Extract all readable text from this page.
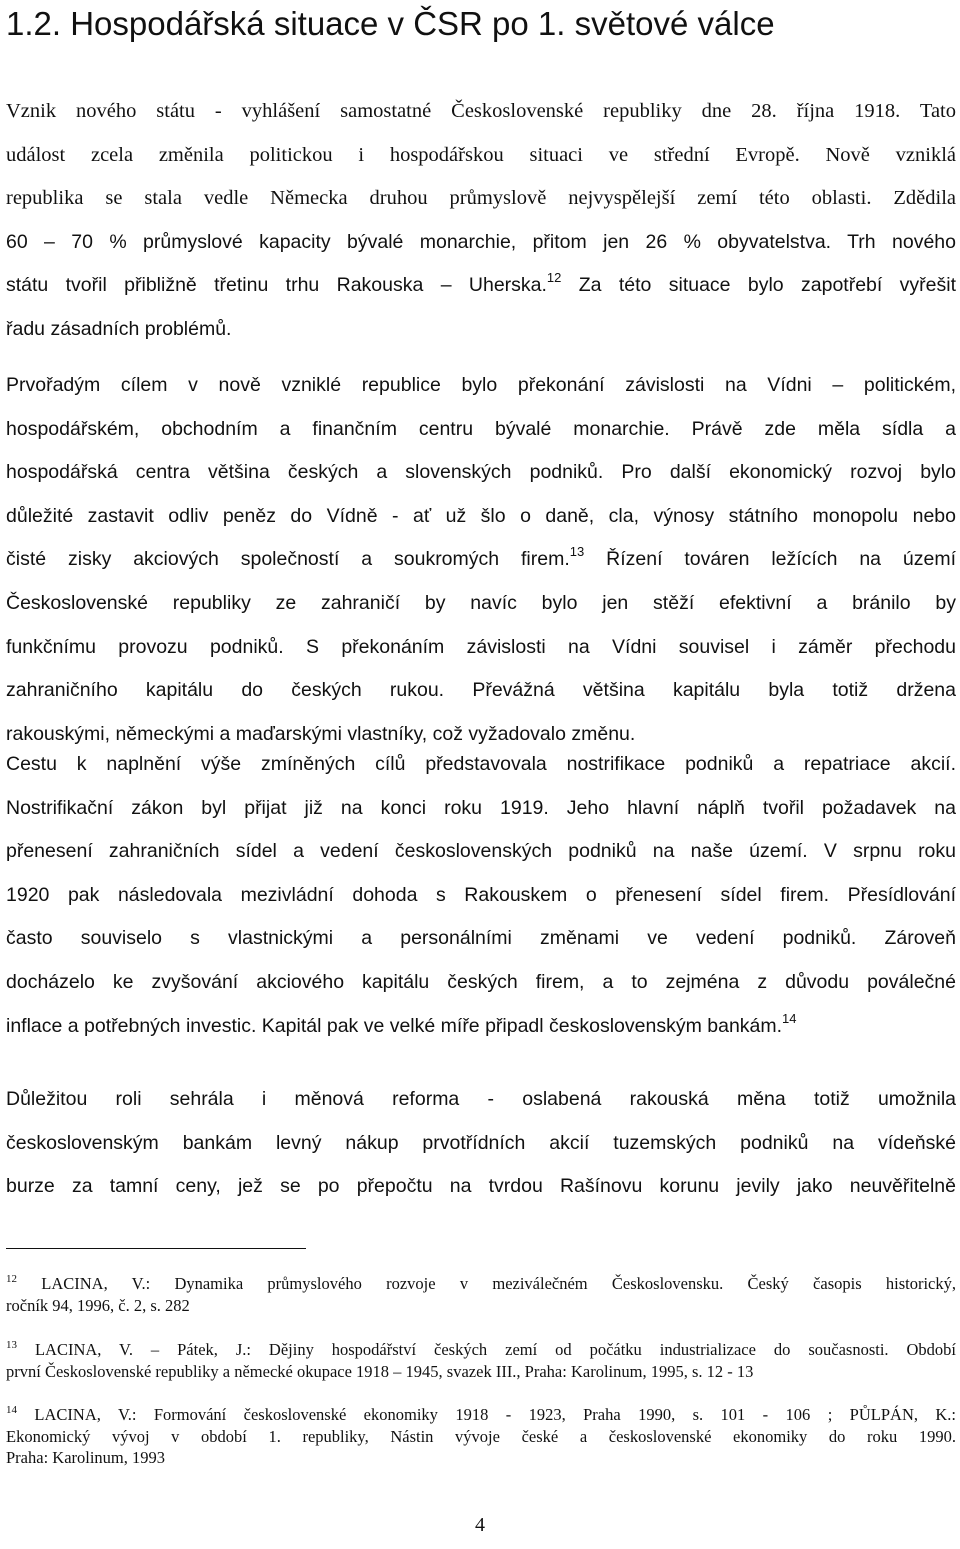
1.2. Hospodářská situace v ČSR po 1. světové válce
Vznik nového státu - vyhlášení samostatné Československé republiky dne 28. října 1918. Tato
událost zcela změnila politickou i hospodářskou situaci ve střední Evropě. Nově vzniklá
republika se stala vedle Německa druhou průmyslově nejvyspělejší zemí této oblasti. Zdědila
60 – 70 % průmyslové kapacity bývalé monarchie, přitom jen 26 % obyvatelstva. Trh nového
státu tvořil přibližně třetinu trhu Rakouska – Uherska.$^{12}$ Za této situace bylo zapotřebí vyřešit
řadu zásadních problémů.
Prvořadým cílem v nově vzniklé republice bylo překonání závislosti na Vídni – politickém,
hospodářském, obchodním a finančním centru bývalé monarchie. Právě zde měla sídla a
hospodářská centra většina českých a slovenských podniků. Pro další ekonomický rozvoj bylo
důležité zastavit odliv peněz do Vídně - ať už šlo o daně, cla, výnosy státního monopolu nebo
čisté zisky akciových společností a soukromých firem.$^{13}$ Řízení továren ležících na území
Československé republiky ze zahraničí by navíc bylo jen stěží efektivní a bránilo by
funkčnímu provozu podniků. S překonáním závislosti na Vídni souvisel i záměr přechodu
zahraničního kapitálu do českých rukou. Převážná většina kapitálu byla totiž držena
rakouskými, německými a maďarskými vlastníky, což vyžadovalo změnu.
Cestu k naplnění výše zmíněných cílů představovala nostrifikace podniků a repatriace akcií.
Nostrifikační zákon byl přijat již na konci roku 1919. Jeho hlavní náplň tvořil požadavek na
přenesení zahraničních sídel a vedení československých podniků na naše území. V srpnu roku
1920 pak následovala mezivládní dohoda s Rakouskem o přenesení sídel firem. Přesídlování
často souviselo s vlastnickými a personálními změnami ve vedení podniků. Zároveň
docházelo ke zvyšování akciového kapitálu českých firem, a to zejména z důvodu poválečné
inflace a potřebných investic. Kapitál pak ve velké míře připadl československým bankám.$^{14}$
Důležitou roli sehrála i měnová reforma - oslabená rakouská měna totiž umožnila
československým bankám levný nákup prvotřídních akcií tuzemských podniků na vídeňské
burze za tamní ceny, jež se po přepočtu na tvrdou Rašínovu korunu jevily jako neuvěřitelně
$^{12}$ LACINA, V.: Dynamika průmyslového rozvoje v meziválečném Československu. Český časopis historický,
ročník 94, 1996, č. 2, s. 282
$^{13}$ LACINA, V. – Pátek, J.: Dějiny hospodářství českých zemí od počátku industrializace do současnosti. Období
první Československé republiky a německé okupace 1918 – 1945, svazek III., Praha: Karolinum, 1995, s. 12 - 13
$^{14}$ LACINA, V.: Formování československé ekonomiky 1918 - 1923, Praha 1990, s. 101 - 106 ; PŮLPÁN, K.:
Ekonomický vývoj v období 1. republiky, Nástin vývoje české a československé ekonomiky do roku 1990.
Praha: Karolinum, 1993
4
